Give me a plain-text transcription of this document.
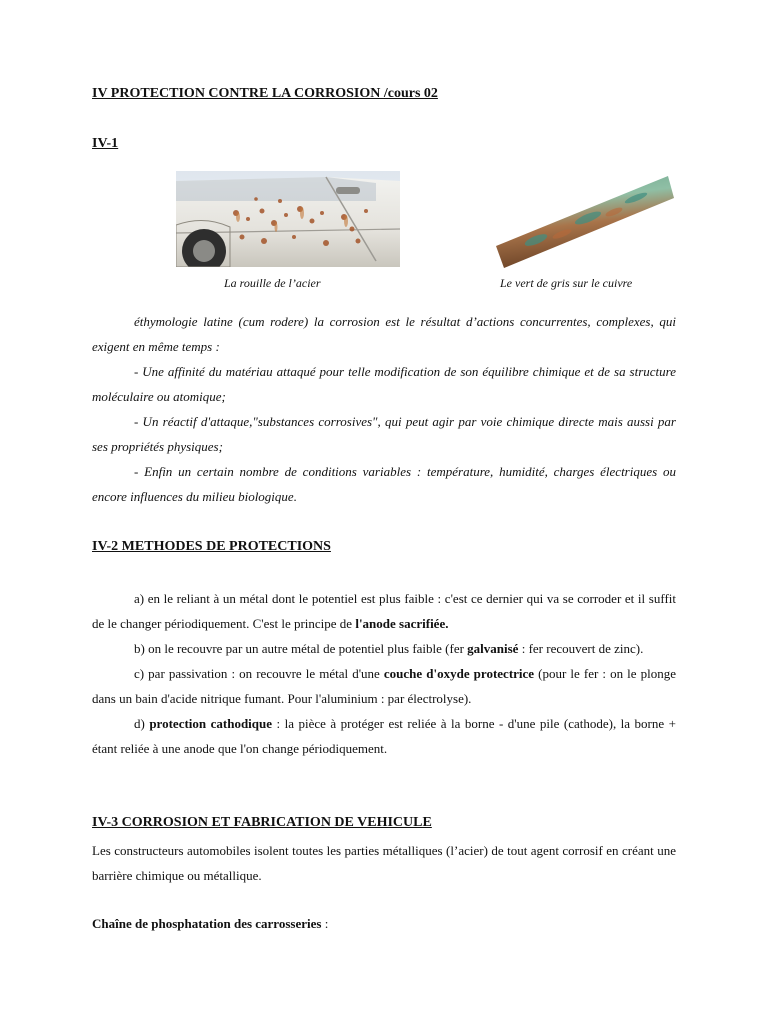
IV PROTECTION CONTRE LA CORROSION /cours 02
IV-1
La rouille de l’acier	Le vert de gris sur le cuivre

éthymologie latine (cum rodere) la corrosion est le résultat d’actions concurrentes, complexes, qui exigent en même temps :

- Une affinité du matériau attaqué pour telle modification de son équilibre chimique et de sa structure moléculaire ou atomique;

- Un réactif d'attaque,"substances corrosives", qui peut agir par voie chimique directe mais aussi par ses propriétés physiques;

- Enfin un certain nombre de conditions variables : température, humidité, charges électriques ou encore influences du milieu biologique.

IV-2 METHODES DE PROTECTIONS

a) en le reliant à un métal dont le potentiel est plus faible : c'est ce dernier qui va se corroder et il suffit de le changer périodiquement. C'est le principe de l'anode sacrifiée.

b) on le recouvre par un autre métal de potentiel plus faible (fer galvanisé : fer recouvert de zinc).

c) par passivation : on recouvre le métal d'une couche d'oxyde protectrice (pour le fer : on le plonge dans un bain d'acide nitrique fumant. Pour l'aluminium : par électrolyse).

d) protection cathodique : la pièce à protéger est reliée à la borne - d'une pile (cathode), la borne + étant reliée à une anode que l'on change périodiquement.

IV-3 CORROSION ET FABRICATION DE VEHICULE

Les constructeurs automobiles isolent toutes les parties métalliques (l’acier) de tout agent corrosif en créant une barrière chimique ou métallique.

Chaîne de phosphatation des carrosseries :
